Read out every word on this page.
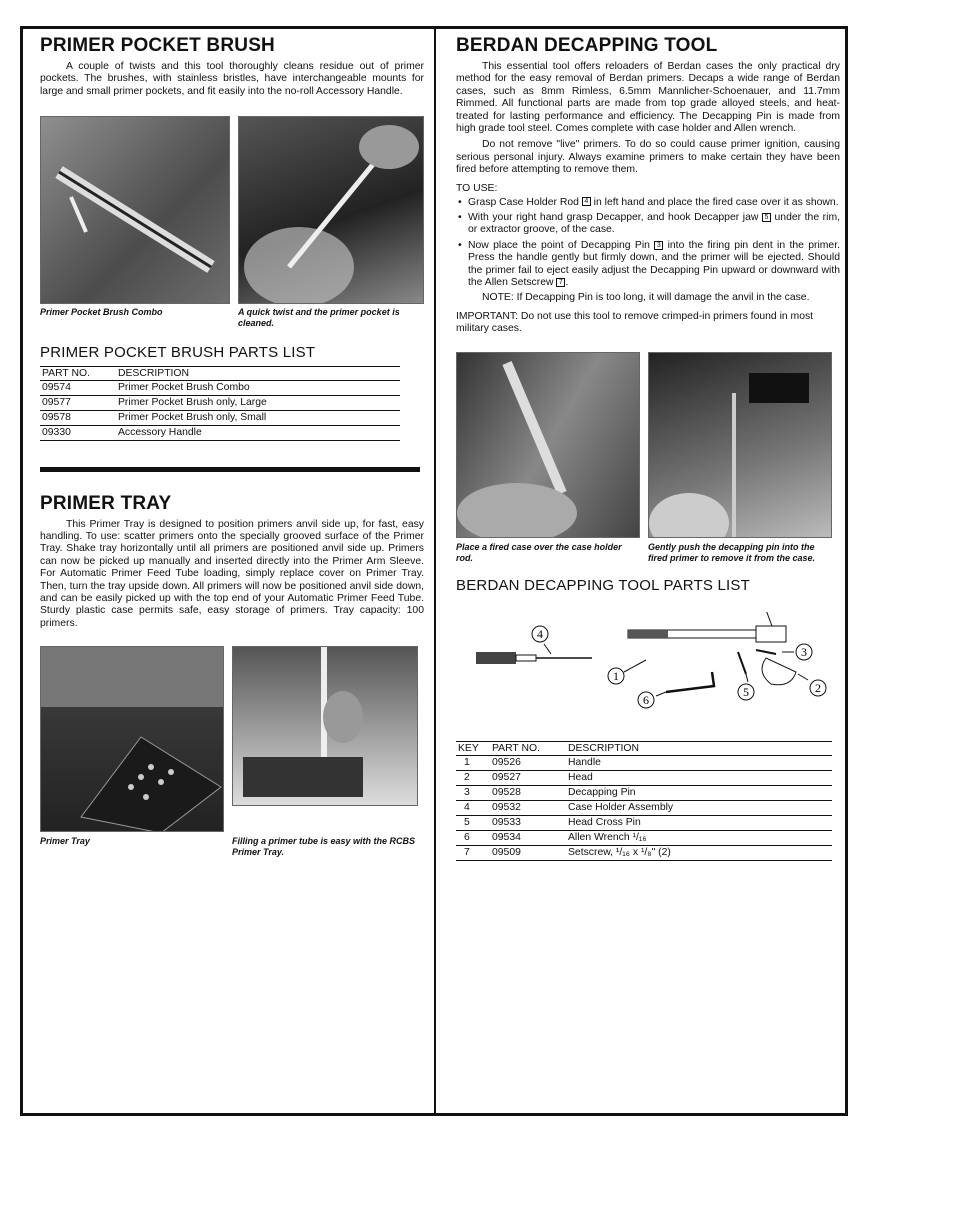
PRIMER POCKET BRUSH

A couple of twists and this tool thoroughly cleans residue out of primer pockets. The brushes, with stainless bristles, have interchangeable mounts for large and small primer pockets, and fit easily into the no-roll Accessory Handle.

Primer Pocket Brush Combo	A quick twist and the primer pocket is cleaned.
PRIMER POCKET BRUSH PARTS LIST
PART NO.	DESCRIPTION
09574	Primer Pocket Brush Combo
09577	Primer Pocket Brush only, Large
09578	Primer Pocket Brush only, Small
09330	Accessory Handle
PRIMER TRAY

This Primer Tray is designed to position primers anvil side up, for fast, easy handling. To use: scatter primers onto the specially grooved surface of the Primer Tray. Shake tray horizontally until all primers are positioned anvil side up. Primers can now be picked up manually and inserted directly into the Primer Arm Sleeve. For Automatic Primer Feed Tube loading, simply replace cover on Primer Tray. Then, turn the tray upside down. All primers will now be positioned anvil side down, and can be easily picked up with the top end of your Automatic Primer Feed Tube. Sturdy plastic case permits safe, easy storage of primers. Tray capacity: 100 primers.

Primer Tray	Filling a primer tube is easy with the RCBS Primer Tray.
BERDAN DECAPPING TOOL

This essential tool offers reloaders of Berdan cases the only practical dry method for the easy removal of Berdan primers. Decaps a wide range of Berdan cases, such as 8mm Rimless, 6.5mm Mannlicher-Schoenauer, and 11.7mm Rimmed. All functional parts are made from top grade alloyed steels, and heat-treated for lasting performance and efficiency. The Decapping Pin is made from high grade tool steel. Comes complete with case holder and Allen wrench.

Do not remove "live" primers. To do so could cause primer ignition, causing serious personal injury. Always examine primers to make certain they have been fired before attempting to remove them.

TO USE:

• Grasp Case Holder Rod 4 in left hand and place the fired case over it as shown.
• With your right hand grasp Decapper, and hook Decapper jaw 5 under the rim, or extractor groove, of the case.
• Now place the point of Decapping Pin 3 into the firing pin dent in the primer. Press the handle gently but firmly down, and the primer will be ejected. Should the primer fail to eject easily adjust the Decapping Pin upward or downward with the Allen Setscrew 7 .

NOTE: If Decapping Pin is too long, it will damage the anvil in the case.

IMPORTANT: Do not use this tool to remove crimped-in primers found in most military cases.

Place a fired case over the case holder rod.
Gently push the decapping pin into the fired primer to remove it from the case.
BERDAN DECAPPING TOOL PARTS LIST
4
1
6
5	2
3
KEY	PART NO.	DESCRIPTION
1	09526	Handle
2	09527	Head
3	09528	Decapping Pin
4	09532	Case Holder Assembly
5	09533	Head Cross Pin
6	09534	Allen Wrench ¹/₁₆
7	09509	Setscrew, ¹/₁₆ x ¹/₈" (2)
